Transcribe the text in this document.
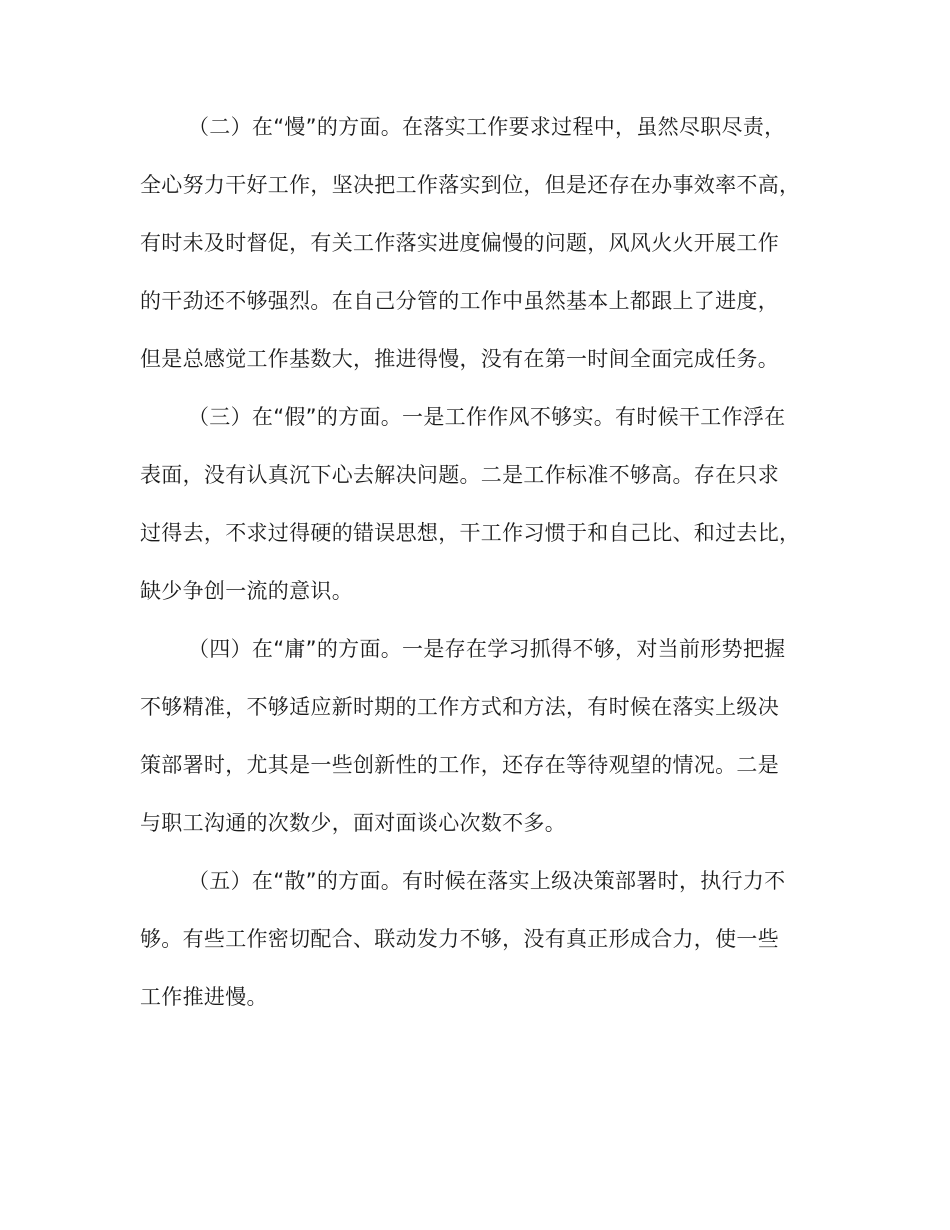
（二）在“慢”的方面。在落实工作要求过程中，虽然尽职尽责，
全心努力干好工作，坚决把工作落实到位，但是还存在办事效率不高，
有时未及时督促，有关工作落实进度偏慢的问题，风风火火开展工作
的干劲还不够强烈。在自己分管的工作中虽然基本上都跟上了进度，
但是总感觉工作基数大，推进得慢，没有在第一时间全面完成任务。
（三）在“假”的方面。一是工作作风不够实。有时候干工作浮在
表面，没有认真沉下心去解决问题。二是工作标准不够高。存在只求
过得去，不求过得硬的错误思想，干工作习惯于和自己比、和过去比，
缺少争创一流的意识。
（四）在“庸”的方面。一是存在学习抓得不够，对当前形势把握
不够精准，不够适应新时期的工作方式和方法，有时候在落实上级决
策部署时，尤其是一些创新性的工作，还存在等待观望的情况。二是
与职工沟通的次数少，面对面谈心次数不多。
（五）在“散”的方面。有时候在落实上级决策部署时，执行力不
够。有些工作密切配合、联动发力不够，没有真正形成合力，使一些
工作推进慢。
